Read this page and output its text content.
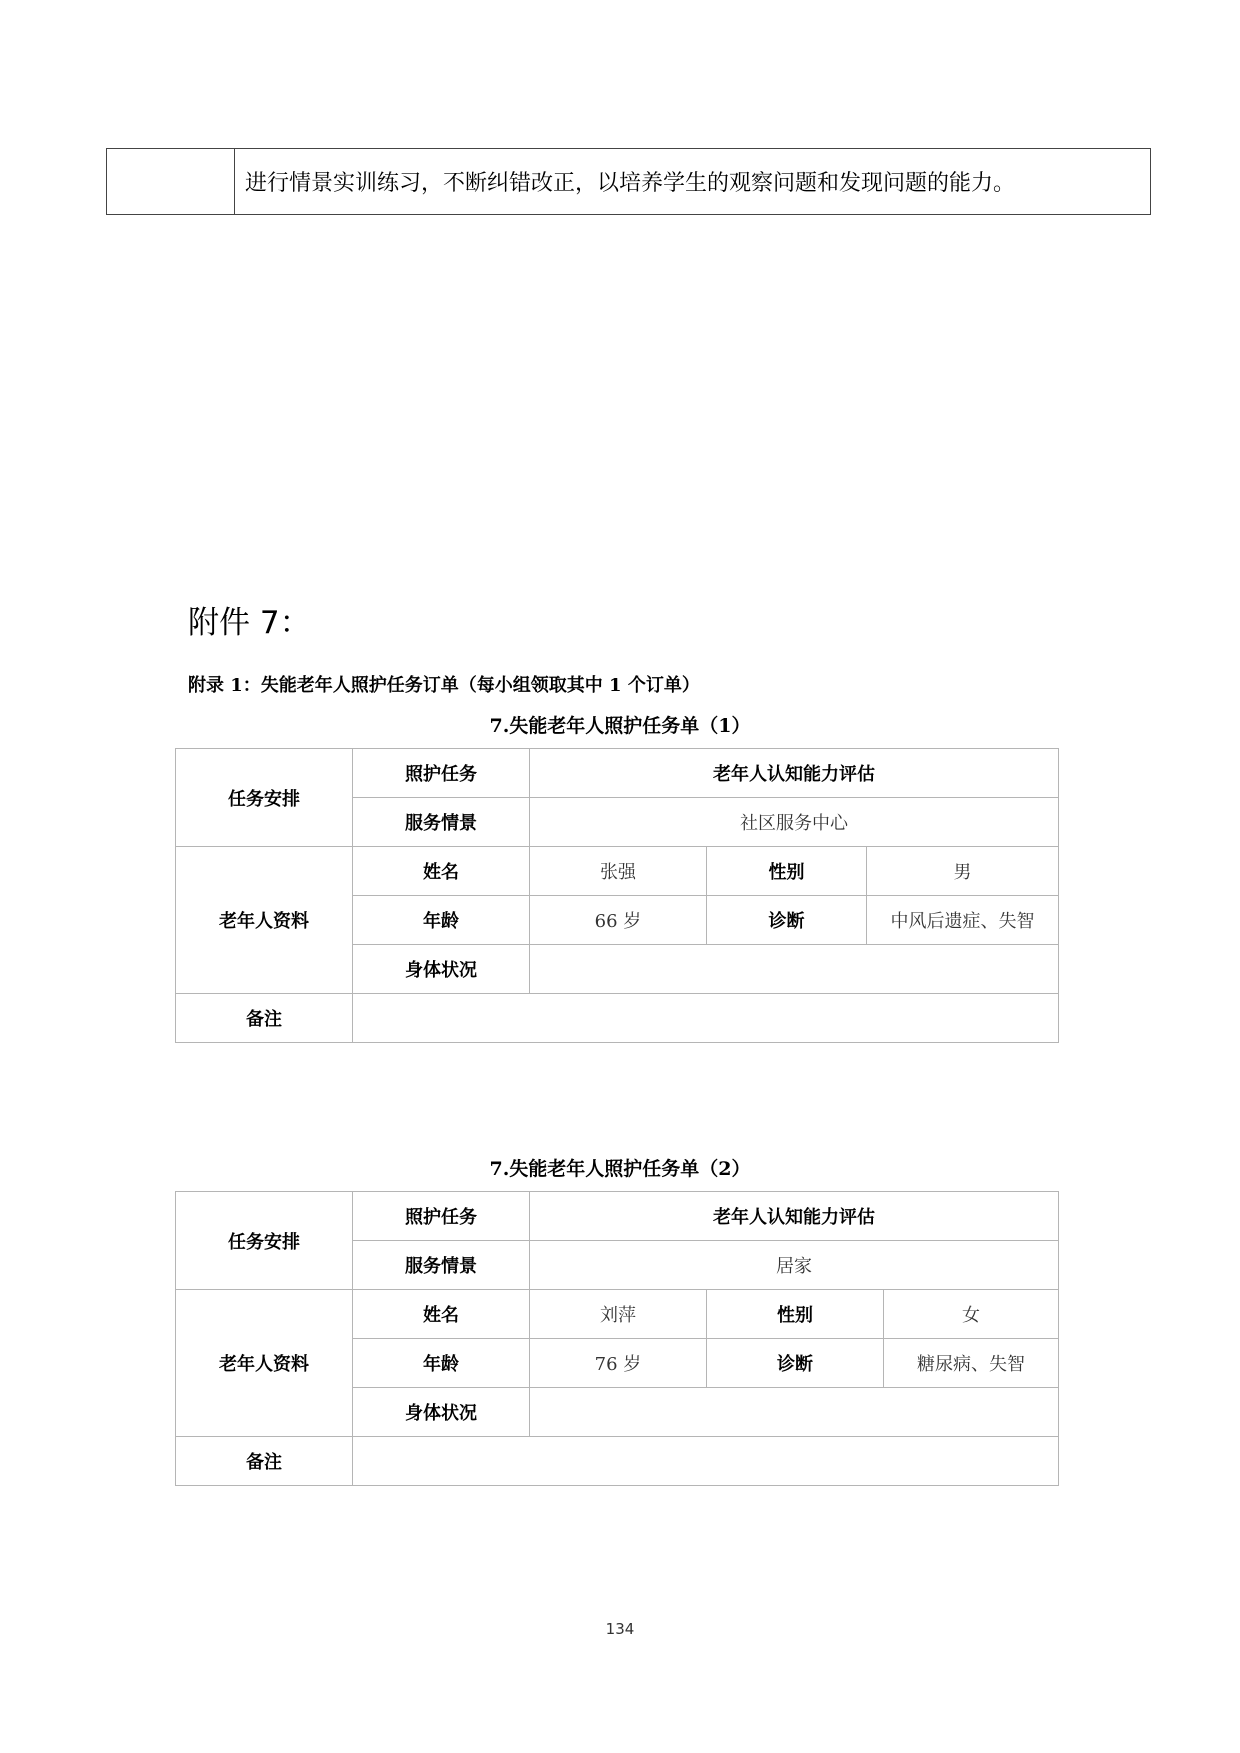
	进行情景实训练习，不断纠错改正，以培养学生的观察问题和发现问题的能力。
附件 7：
附录 1：失能老年人照护任务订单（每小组领取其中 1 个订单）
7.失能老年人照护任务单（1）
任务安排	照护任务	老年人认知能力评估		
	服务情景	社区服务中心		
老年人资料	姓名	张强	性别	男
	年龄	66 岁	诊断	中风后遗症、失智
	身体状况			
备注				
7.失能老年人照护任务单（2）
任务安排	照护任务	老年人认知能力评估		
	服务情景	居家		
老年人资料	姓名	刘萍	性别	女
	年龄	76 岁	诊断	糖尿病、失智
	身体状况			
备注				
134
